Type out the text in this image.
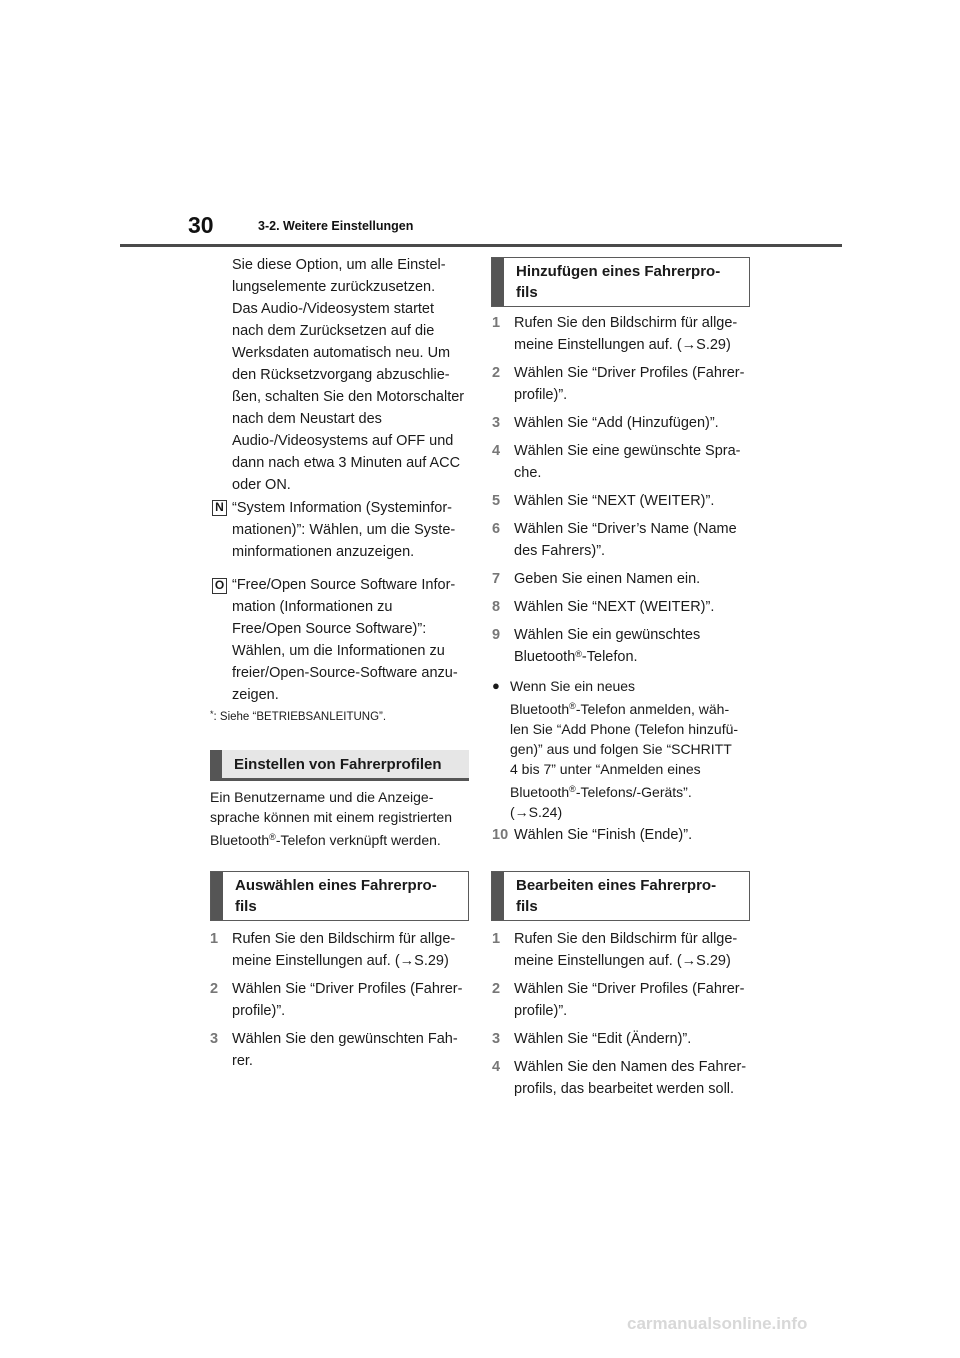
30	3-2. Weitere Einstellungen
Sie diese Option, um alle Einstel-
lungselemente zurückzusetzen.
Das Audio-/Videosystem startet
nach dem Zurücksetzen auf die
Werksdaten automatisch neu. Um
den Rücksetzvorgang abzuschlie-
ßen, schalten Sie den Motorschalter
nach dem Neustart des
Audio-/Videosystems auf OFF und
dann nach etwa 3 Minuten auf ACC
oder ON.
N “System Information (Systeminfor-
mationen)”: Wählen, um die Syste-
minformationen anzuzeigen.
O “Free/Open Source Software Infor-
mation (Informationen zu
Free/Open Source Software)”:
Wählen, um die Informationen zu
freier/Open-Source-Software anzu-
zeigen.
*: Siehe “BETRIEBSANLEITUNG”.
Einstellen von Fahrerprofilen
Ein Benutzername und die Anzeige-
sprache können mit einem registrierten
Bluetooth®-Telefon verknüpft werden.
Auswählen eines Fahrerpro-
fils
1 Rufen Sie den Bildschirm für allge-
meine Einstellungen auf. (→S.29)
2 Wählen Sie “Driver Profiles (Fahrer-
profile)”.
3 Wählen Sie den gewünschten Fah-
rer.
Hinzufügen eines Fahrerpro-
fils
1 Rufen Sie den Bildschirm für allge-
meine Einstellungen auf. (→S.29)
2 Wählen Sie “Driver Profiles (Fahrer-
profile)”.
3 Wählen Sie “Add (Hinzufügen)”.
4 Wählen Sie eine gewünschte Spra-
che.
5 Wählen Sie “NEXT (WEITER)”.
6 Wählen Sie “Driver’s Name (Name
des Fahrers)”.
7 Geben Sie einen Namen ein.
8 Wählen Sie “NEXT (WEITER)”.
9 Wählen Sie ein gewünschtes
Bluetooth®-Telefon.
● Wenn Sie ein neues
Bluetooth®-Telefon anmelden, wäh-
len Sie “Add Phone (Telefon hinzufü-
gen)” aus und folgen Sie “SCHRITT
4 bis 7” unter “Anmelden eines
Bluetooth®-Telefons/-Geräts”.
(→S.24)
10 Wählen Sie “Finish (Ende)”.
Bearbeiten eines Fahrerpro-
fils
1 Rufen Sie den Bildschirm für allge-
meine Einstellungen auf. (→S.29)
2 Wählen Sie “Driver Profiles (Fahrer-
profile)”.
3 Wählen Sie “Edit (Ändern)”.
4 Wählen Sie den Namen des Fahrer-
profils, das bearbeitet werden soll.
carmanualsonline.info
